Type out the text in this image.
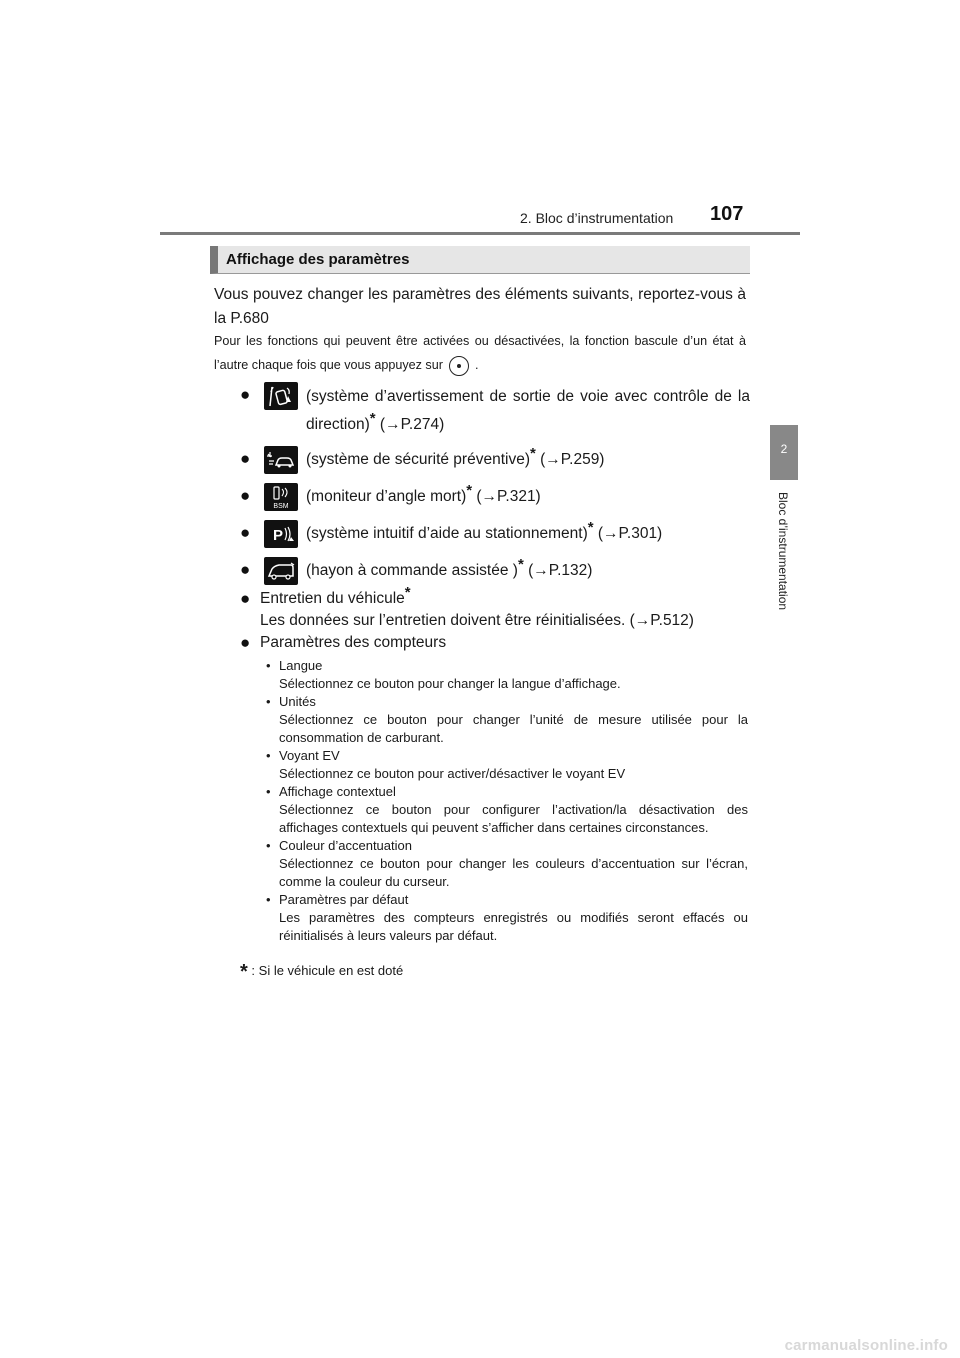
2. Bloc d’instrumentation 107
2
Bloc d’instrumentation
Affichage des paramètres
Vous pouvez changer les paramètres des éléments suivants, reportez-vous à la P.680
Pour les fonctions qui peuvent être activées ou désactivées, la fonction bascule d’un état à l’autre chaque fois que vous appuyez sur	.
●	(système d’avertissement de sortie de voie avec contrôle de la direction)* (→P.274)
●	(système de sécurité préventive)* (→P.259)
●
BSM
(moniteur d’angle mort)* (→P.321)
● P (système intuitif d’aide au stationnement)* (→P.301)
●	(hayon à commande assistée )* (→P.132)
● Entretien du véhicule*
Les données sur l’entretien doivent être réinitialisées. (→P.512)
● Paramètres des compteurs
• Langue
Sélectionnez ce bouton pour changer la langue d’affichage.
• Unités
Sélectionnez ce bouton pour changer l’unité de mesure utilisée pour la consommation de carburant.
• Voyant EV
Sélectionnez ce bouton pour activer/désactiver le voyant EV
• Affichage contextuel
Sélectionnez ce bouton pour configurer l’activation/la désactivation des affichages contextuels qui peuvent s’afficher dans certaines circonstances.
• Couleur d’accentuation
Sélectionnez ce bouton pour changer les couleurs d’accentuation sur l’écran, comme la couleur du curseur.
• Paramètres par défaut
Les paramètres des compteurs enregistrés ou modifiés seront effacés ou réinitialisés à leurs valeurs par défaut.
* : Si le véhicule en est doté
carmanualsonline.info
